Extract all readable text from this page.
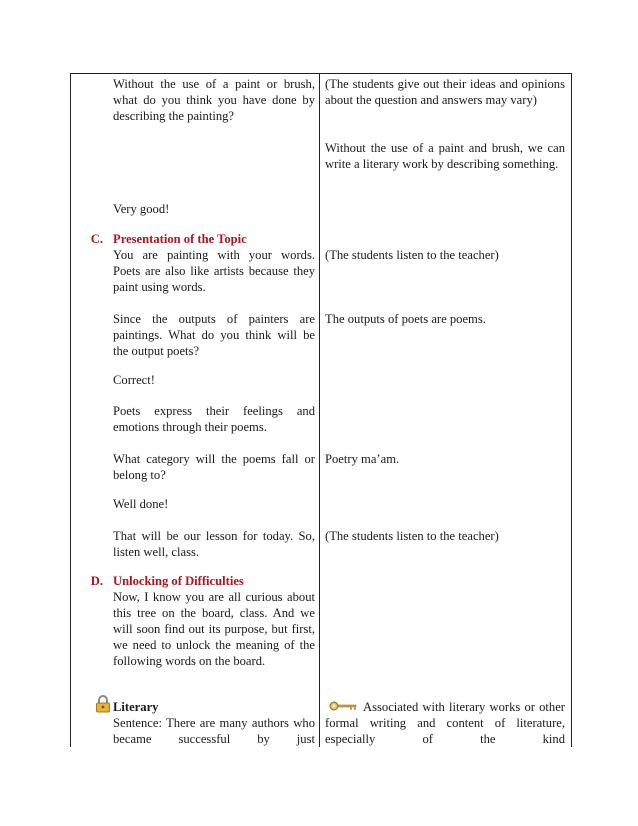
Without the use of a paint or brush, what do you think you have done by describing the painting?
(The students give out their ideas and opinions about the question and answers may vary)
Without the use of a paint and brush, we can write a literary work by describing something.
Very good!
C. Presentation of the Topic
You are painting with your words. Poets are also like artists because they paint using words.
(The students listen to the teacher)
Since the outputs of painters are paintings. What do you think will be the output poets?
The outputs of poets are poems.
Correct!
Poets express their feelings and emotions through their poems.
What category will the poems fall or belong to?
Poetry ma’am.
Well done!
That will be our lesson for today. So, listen well, class.
(The students listen to the teacher)
D. Unlocking of Difficulties
Now, I know you are all curious about this tree on the board, class. And we will soon find out its purpose, but first, we need to unlock the meaning of the following words on the board.
Literary
Sentence: There are many authors who became successful by just
Associated with literary works or other formal writing and content of literature, especially of the kind
